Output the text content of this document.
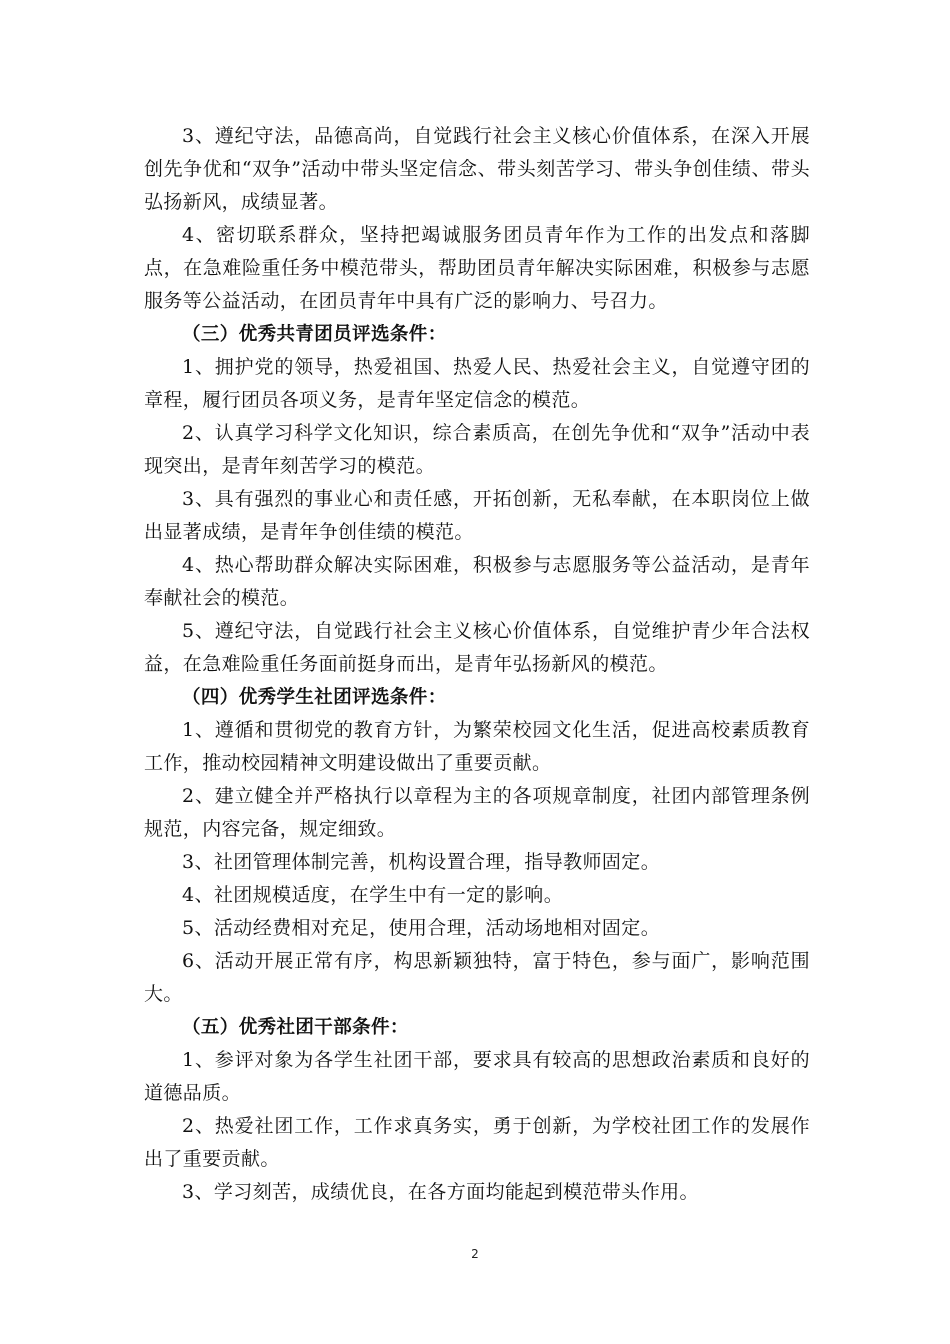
3、遵纪守法，品德高尚，自觉践行社会主义核心价值体系，在深入开展创先争优和“双争”活动中带头坚定信念、带头刻苦学习、带头争创佳绩、带头弘扬新风，成绩显著。

4、密切联系群众，坚持把竭诚服务团员青年作为工作的出发点和落脚点，在急难险重任务中模范带头，帮助团员青年解决实际困难，积极参与志愿服务等公益活动，在团员青年中具有广泛的影响力、号召力。

（三）优秀共青团员评选条件：

1、拥护党的领导，热爱祖国、热爱人民、热爱社会主义，自觉遵守团的章程，履行团员各项义务，是青年坚定信念的模范。

2、认真学习科学文化知识，综合素质高，在创先争优和“双争”活动中表现突出，是青年刻苦学习的模范。

3、具有强烈的事业心和责任感，开拓创新，无私奉献，在本职岗位上做出显著成绩，是青年争创佳绩的模范。

4、热心帮助群众解决实际困难，积极参与志愿服务等公益活动，是青年奉献社会的模范。

5、遵纪守法，自觉践行社会主义核心价值体系，自觉维护青少年合法权益，在急难险重任务面前挺身而出，是青年弘扬新风的模范。

（四）优秀学生社团评选条件：

1、遵循和贯彻党的教育方针，为繁荣校园文化生活，促进高校素质教育工作，推动校园精神文明建设做出了重要贡献。

2、建立健全并严格执行以章程为主的各项规章制度，社团内部管理条例规范，内容完备，规定细致。

3、社团管理体制完善，机构设置合理，指导教师固定。

4、社团规模适度，在学生中有一定的影响。

5、活动经费相对充足，使用合理，活动场地相对固定。

6、活动开展正常有序，构思新颖独特，富于特色，参与面广，影响范围大。

（五）优秀社团干部条件：

1、参评对象为各学生社团干部，要求具有较高的思想政治素质和良好的道德品质。

2、热爱社团工作，工作求真务实，勇于创新，为学校社团工作的发展作出了重要贡献。

3、学习刻苦，成绩优良，在各方面均能起到模范带头作用。

2
